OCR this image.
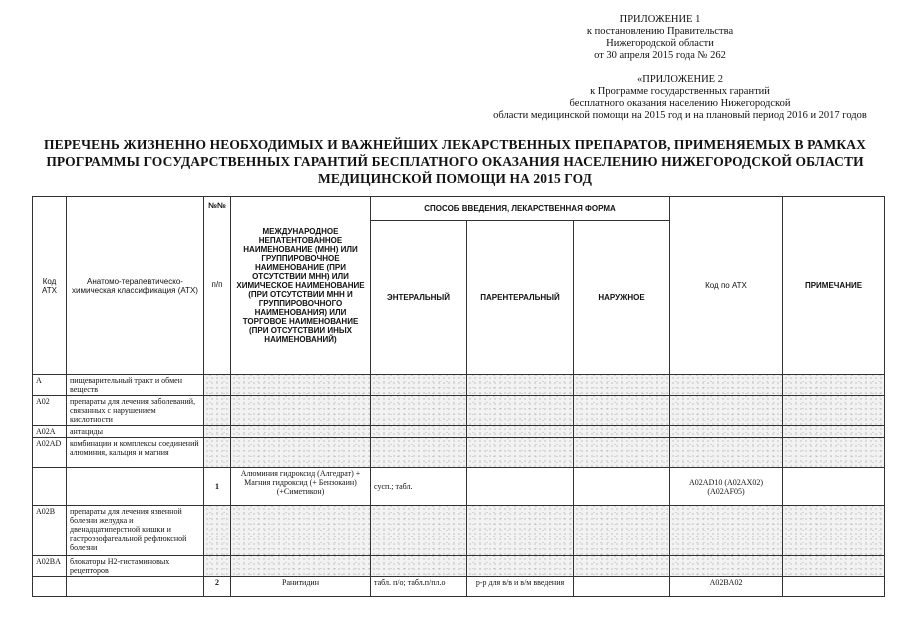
ПРИЛОЖЕНИЕ 1
к постановлению Правительства
Нижегородской области
от 30 апреля 2015 года № 262
«ПРИЛОЖЕНИЕ 2
к Программе государственных гарантий
бесплатного оказания населению Нижегородской
области медицинской помощи на 2015 год и на плановый период 2016 и 2017 годов
ПЕРЕЧЕНЬ ЖИЗНЕННО НЕОБХОДИМЫХ И ВАЖНЕЙШИХ ЛЕКАРСТВЕННЫХ ПРЕПАРАТОВ, ПРИМЕНЯЕМЫХ В РАМКАХ
ПРОГРАММЫ ГОСУДАРСТВЕННЫХ ГАРАНТИЙ БЕСПЛАТНОГО ОКАЗАНИЯ НАСЕЛЕНИЮ НИЖЕГОРОДСКОЙ ОБЛАСТИ
МЕДИЦИНСКОЙ ПОМОЩИ НА 2015 ГОД
Код АТХ	Анатомо-терапевтическо-химическая классификация (АТХ)	№№
п/п	МЕЖДУНАРОДНОЕ НЕПАТЕНТОВАННОЕ НАИМЕНОВАНИЕ (МНН) ИЛИ ГРУППИРОВОЧНОЕ НАИМЕНОВАНИЕ (ПРИ ОТСУТСТВИИ МНН) ИЛИ ХИМИЧЕСКОЕ НАИМЕНОВАНИЕ (ПРИ ОТСУТСТВИИ МНН И ГРУППИРОВОЧНОГО НАИМЕНОВАНИЯ) ИЛИ ТОРГОВОЕ НАИМЕНОВАНИЕ (ПРИ ОТСУТСТВИИ ИНЫХ НАИМЕНОВАНИЙ)	СПОСОБ ВВЕДЕНИЯ, ЛЕКАРСТВЕННАЯ ФОРМА			Код по АТХ	ПРИМЕЧАНИЕ
				ЭНТЕРАЛЬНЫЙ	ПАРЕНТЕРАЛЬНЫЙ	НАРУЖНОЕ		
A	пищеварительный тракт и обмен веществ							
A02	препараты для лечения заболеваний, связанных с нарушением кислотности							
A02A	антациды							
A02AD	комбинации и комплексы соединений алюминия, кальция и магния							
		1	Алюминия гидроксид (Алгедрат) + Магния гидроксид (+ Бензокаин) (+Симетикон)	сусп.; табл.			A02AD10 (A02AX02) (A02AF05)	
A02B	препараты для лечения язвенной болезни желудка и двенадцатиперстной кишки и гастроэзофагеальной рефлюксной болезни							
A02BA	блокаторы Н2-гистаминовых рецепторов							
		2	Ранитидин	табл. п/о; табл.п/пл.о	р-р для в/в и в/м введения		A02BA02	
